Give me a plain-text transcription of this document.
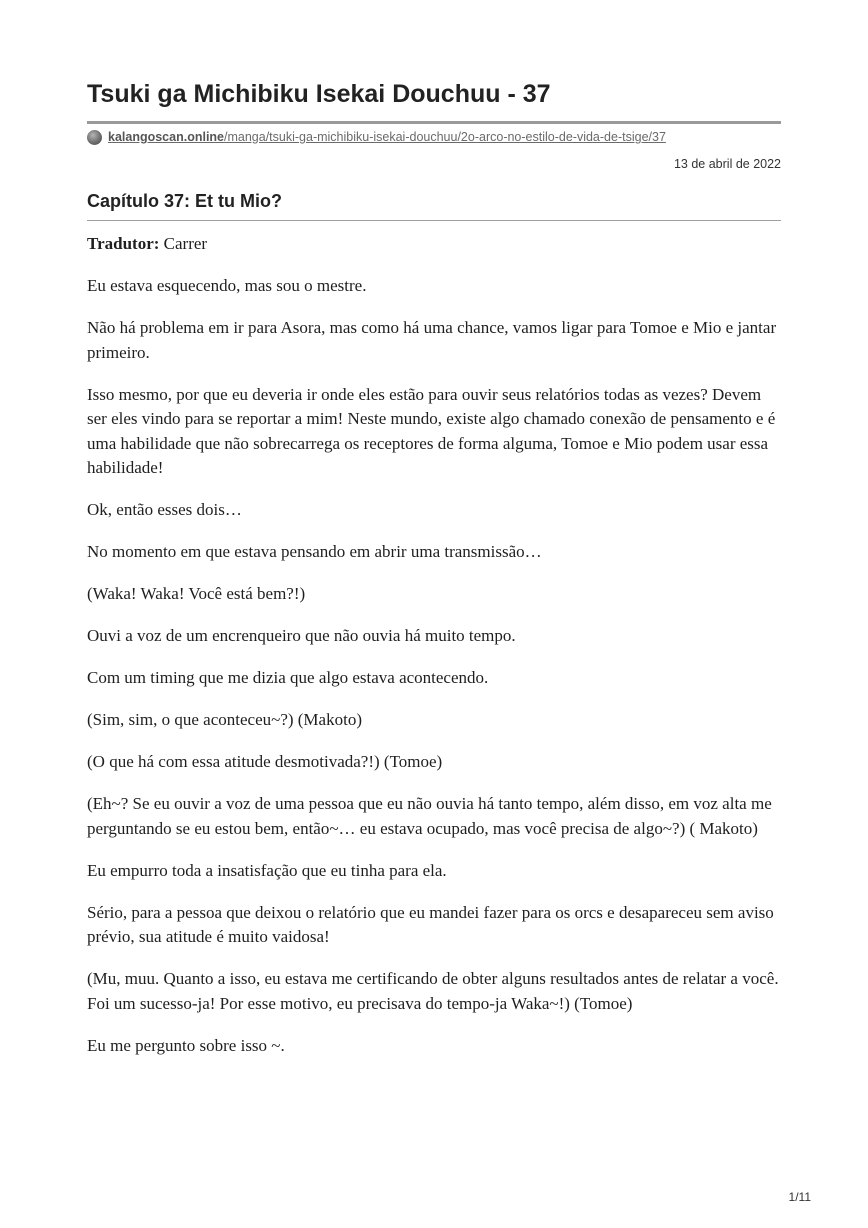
Tsuki ga Michibiku Isekai Douchuu - 37
kalangoscan.online/manga/tsuki-ga-michibiku-isekai-douchuu/2o-arco-no-estilo-de-vida-de-tsige/37
13 de abril de 2022
Capítulo 37: Et tu Mio?

Tradutor: Carrer

Eu estava esquecendo, mas sou o mestre.

Não há problema em ir para Asora, mas como há uma chance, vamos ligar para Tomoe e Mio e jantar primeiro.

Isso mesmo, por que eu deveria ir onde eles estão para ouvir seus relatórios todas as vezes? Devem ser eles vindo para se reportar a mim! Neste mundo, existe algo chamado conexão de pensamento e é uma habilidade que não sobrecarrega os receptores de forma alguma, Tomoe e Mio podem usar essa habilidade!

Ok, então esses dois…

No momento em que estava pensando em abrir uma transmissão…

(Waka! Waka! Você está bem?!)

Ouvi a voz de um encrenqueiro que não ouvia há muito tempo.

Com um timing que me dizia que algo estava acontecendo.

(Sim, sim, o que aconteceu~?) (Makoto)

(O que há com essa atitude desmotivada?!) (Tomoe)

(Eh~? Se eu ouvir a voz de uma pessoa que eu não ouvia há tanto tempo, além disso, em voz alta me perguntando se eu estou bem, então~… eu estava ocupado, mas você precisa de algo~?) ( Makoto)

Eu empurro toda a insatisfação que eu tinha para ela.

Sério, para a pessoa que deixou o relatório que eu mandei fazer para os orcs e desapareceu sem aviso prévio, sua atitude é muito vaidosa!

(Mu, muu. Quanto a isso, eu estava me certificando de obter alguns resultados antes de relatar a você. Foi um sucesso-ja! Por esse motivo, eu precisava do tempo-ja Waka~!) (Tomoe)

Eu me pergunto sobre isso ~.

1/11
